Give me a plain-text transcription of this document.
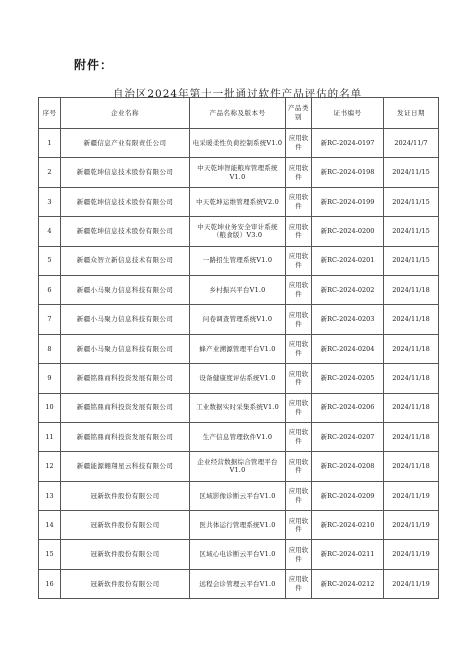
附件：
自治区2024年第十一批通过软件产品评估的名单
序号	企业名称	产品名称及版本号	产品类别	证书编号	发证日期
1	新疆信息产业有限责任公司	电采暖柔性负荷控制系统V1.0	应用软件	新RC-2024-0197	2024/11/7
2	新疆乾坤信息技术股份有限公司	中天乾坤智能粮库管理系统V1.0	应用软件	新RC-2024-0198	2024/11/15
3	新疆乾坤信息技术股份有限公司	中天乾坤运维管理系统V2.0	应用软件	新RC-2024-0199	2024/11/15
4	新疆乾坤信息技术股份有限公司	中天乾坤业务安全审计系统（粮食版）V3.0	应用软件	新RC-2024-0200	2024/11/15
5	新疆众智立新信息技术有限公司	一路招生管理系统V1.0	应用软件	新RC-2024-0201	2024/11/15
6	新疆小马聚力信息科技有限公司	乡村振兴平台V1.0	应用软件	新RC-2024-0202	2024/11/18
7	新疆小马聚力信息科技有限公司	问卷调查管理系统V1.0	应用软件	新RC-2024-0203	2024/11/18
8	新疆小马聚力信息科技有限公司	蜂产业溯源管理平台V1.0	应用软件	新RC-2024-0204	2024/11/18
9	新疆铭鼎商科投资发展有限公司	设备健康度评估系统V1.0	应用软件	新RC-2024-0205	2024/11/18
10	新疆铭鼎商科投资发展有限公司	工业数据实时采集系统V1.0	应用软件	新RC-2024-0206	2024/11/18
11	新疆铭鼎商科投资发展有限公司	生产信息管理软件V1.0	应用软件	新RC-2024-0207	2024/11/18
12	新疆能源翱翔星云科技有限公司	企业经营数据综合管理平台V1.0	应用软件	新RC-2024-0208	2024/11/18
13	冠新软件股份有限公司	区域影像诊断云平台V1.0	应用软件	新RC-2024-0209	2024/11/19
14	冠新软件股份有限公司	医共体运行管理系统V1.0	应用软件	新RC-2024-0210	2024/11/19
15	冠新软件股份有限公司	区域心电诊断云平台V1.0	应用软件	新RC-2024-0211	2024/11/19
16	冠新软件股份有限公司	远程会诊管理云平台V1.0	应用软件	新RC-2024-0212	2024/11/19
